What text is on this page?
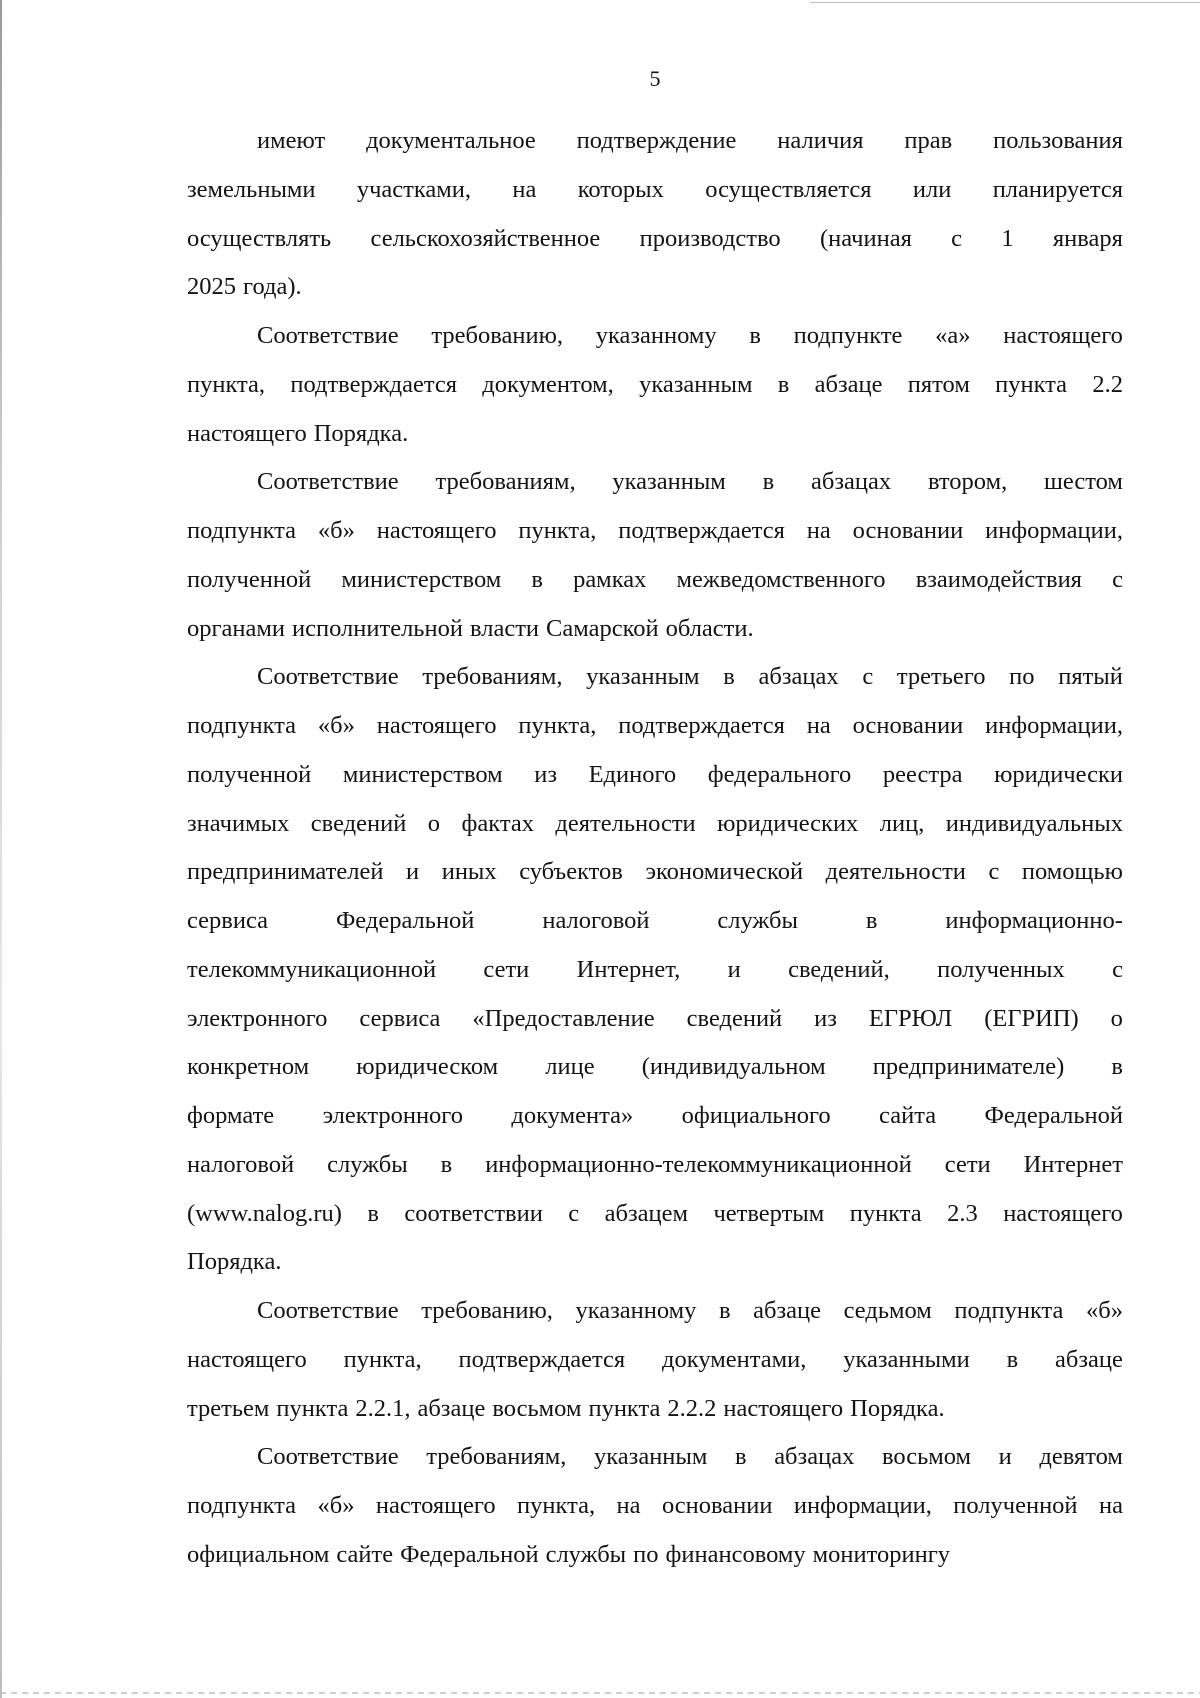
5
имеют документальное подтверждение наличия прав пользования
земельными участками, на которых осуществляется или планируется
осуществлять сельскохозяйственное производство (начиная с 1 января
2025 года).
Соответствие требованию, указанному в подпункте «а» настоящего
пункта, подтверждается документом, указанным в абзаце пятом пункта 2.2
настоящего Порядка.
Соответствие требованиям, указанным в абзацах втором, шестом
подпункта «б» настоящего пункта, подтверждается на основании информации,
полученной министерством в рамках межведомственного взаимодействия с
органами исполнительной власти Самарской области.
Соответствие требованиям, указанным в абзацах с третьего по пятый
подпункта «б» настоящего пункта, подтверждается на основании информации,
полученной министерством из Единого федерального реестра юридически
значимых сведений о фактах деятельности юридических лиц, индивидуальных
предпринимателей и иных субъектов экономической деятельности с помощью
сервиса	Федеральной	налоговой	службы	в	информационно-
телекоммуникационной сети Интернет, и сведений, полученных с
электронного сервиса «Предоставление сведений из ЕГРЮЛ (ЕГРИП) о
конкретном юридическом лице (индивидуальном предпринимателе) в
формате электронного документа» официального сайта Федеральной
налоговой службы в информационно-телекоммуникационной сети Интернет
(www.nalog.ru) в соответствии с абзацем четвертым пункта 2.3 настоящего
Порядка.
Соответствие требованию, указанному в абзаце седьмом подпункта «б»
настоящего пункта, подтверждается документами, указанными в абзаце
третьем пункта 2.2.1, абзаце восьмом пункта 2.2.2 настоящего Порядка.
Соответствие требованиям, указанным в абзацах восьмом и девятом
подпункта «б» настоящего пункта, на основании информации, полученной на
официальном сайте Федеральной службы по финансовому мониторингу
